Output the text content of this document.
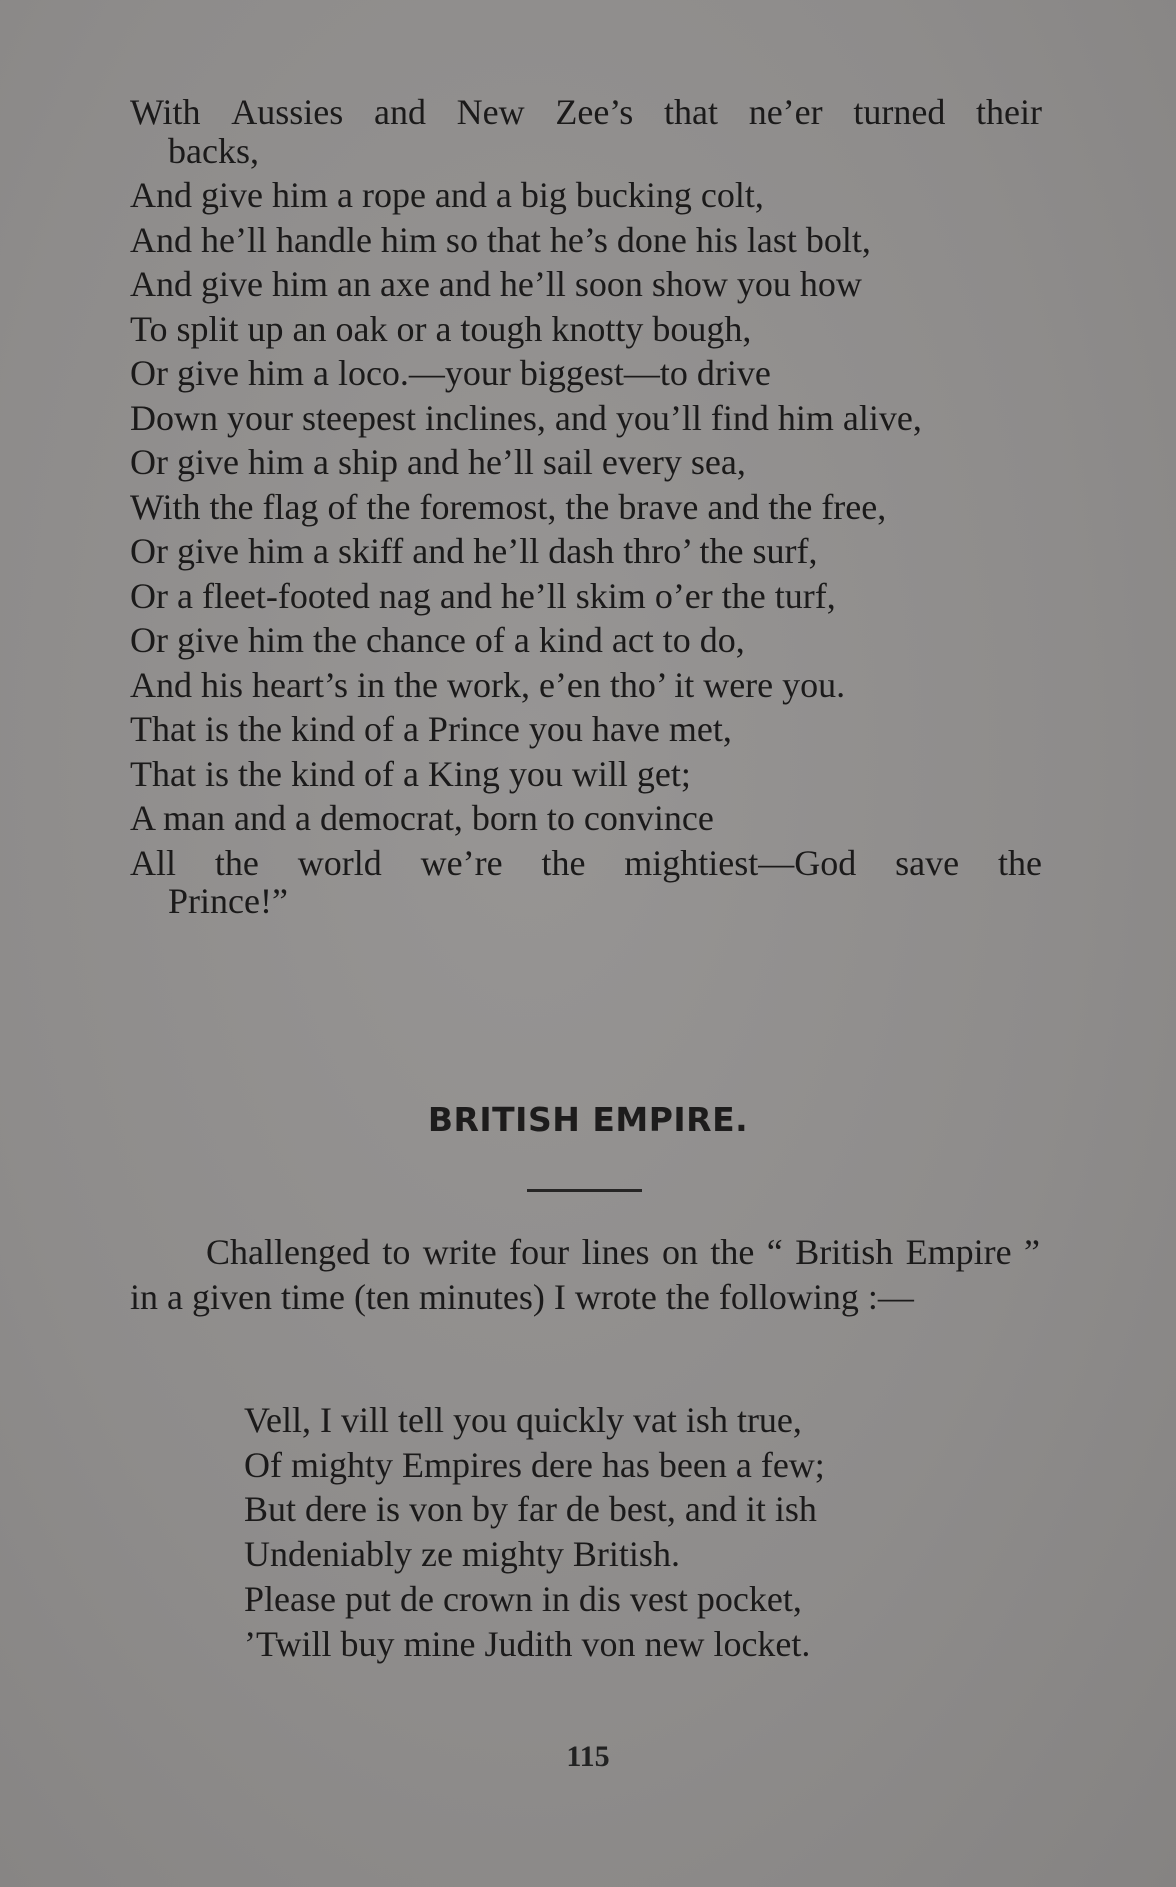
With Aussies and New Zee’s that ne’er turned their
backs,
And give him a rope and a big bucking colt,
And he’ll handle him so that he’s done his last bolt,
And give him an axe and he’ll soon show you how
To split up an oak or a tough knotty bough,
Or give him a loco.—your biggest—to drive
Down your steepest inclines, and you’ll find him alive,
Or give him a ship and he’ll sail every sea,
With the flag of the foremost, the brave and the free,
Or give him a skiff and he’ll dash thro’ the surf,
Or a fleet-footed nag and he’ll skim o’er the turf,
Or give him the chance of a kind act to do,
And his heart’s in the work, e’en tho’ it were you.
That is the kind of a Prince you have met,
That is the kind of a King you will get;
A man and a democrat, born to convince
All the world we’re the mightiest—God save the
Prince!”
BRITISH EMPIRE.
Challenged to write four lines on the “ British Empire ” in a given time (ten minutes) I wrote the following :—
Vell, I vill tell you quickly vat ish true,
Of mighty Empires dere has been a few;
But dere is von by far de best, and it ish
Undeniably ze mighty British.
Please put de crown in dis vest pocket,
’Twill buy mine Judith von new locket.
115
